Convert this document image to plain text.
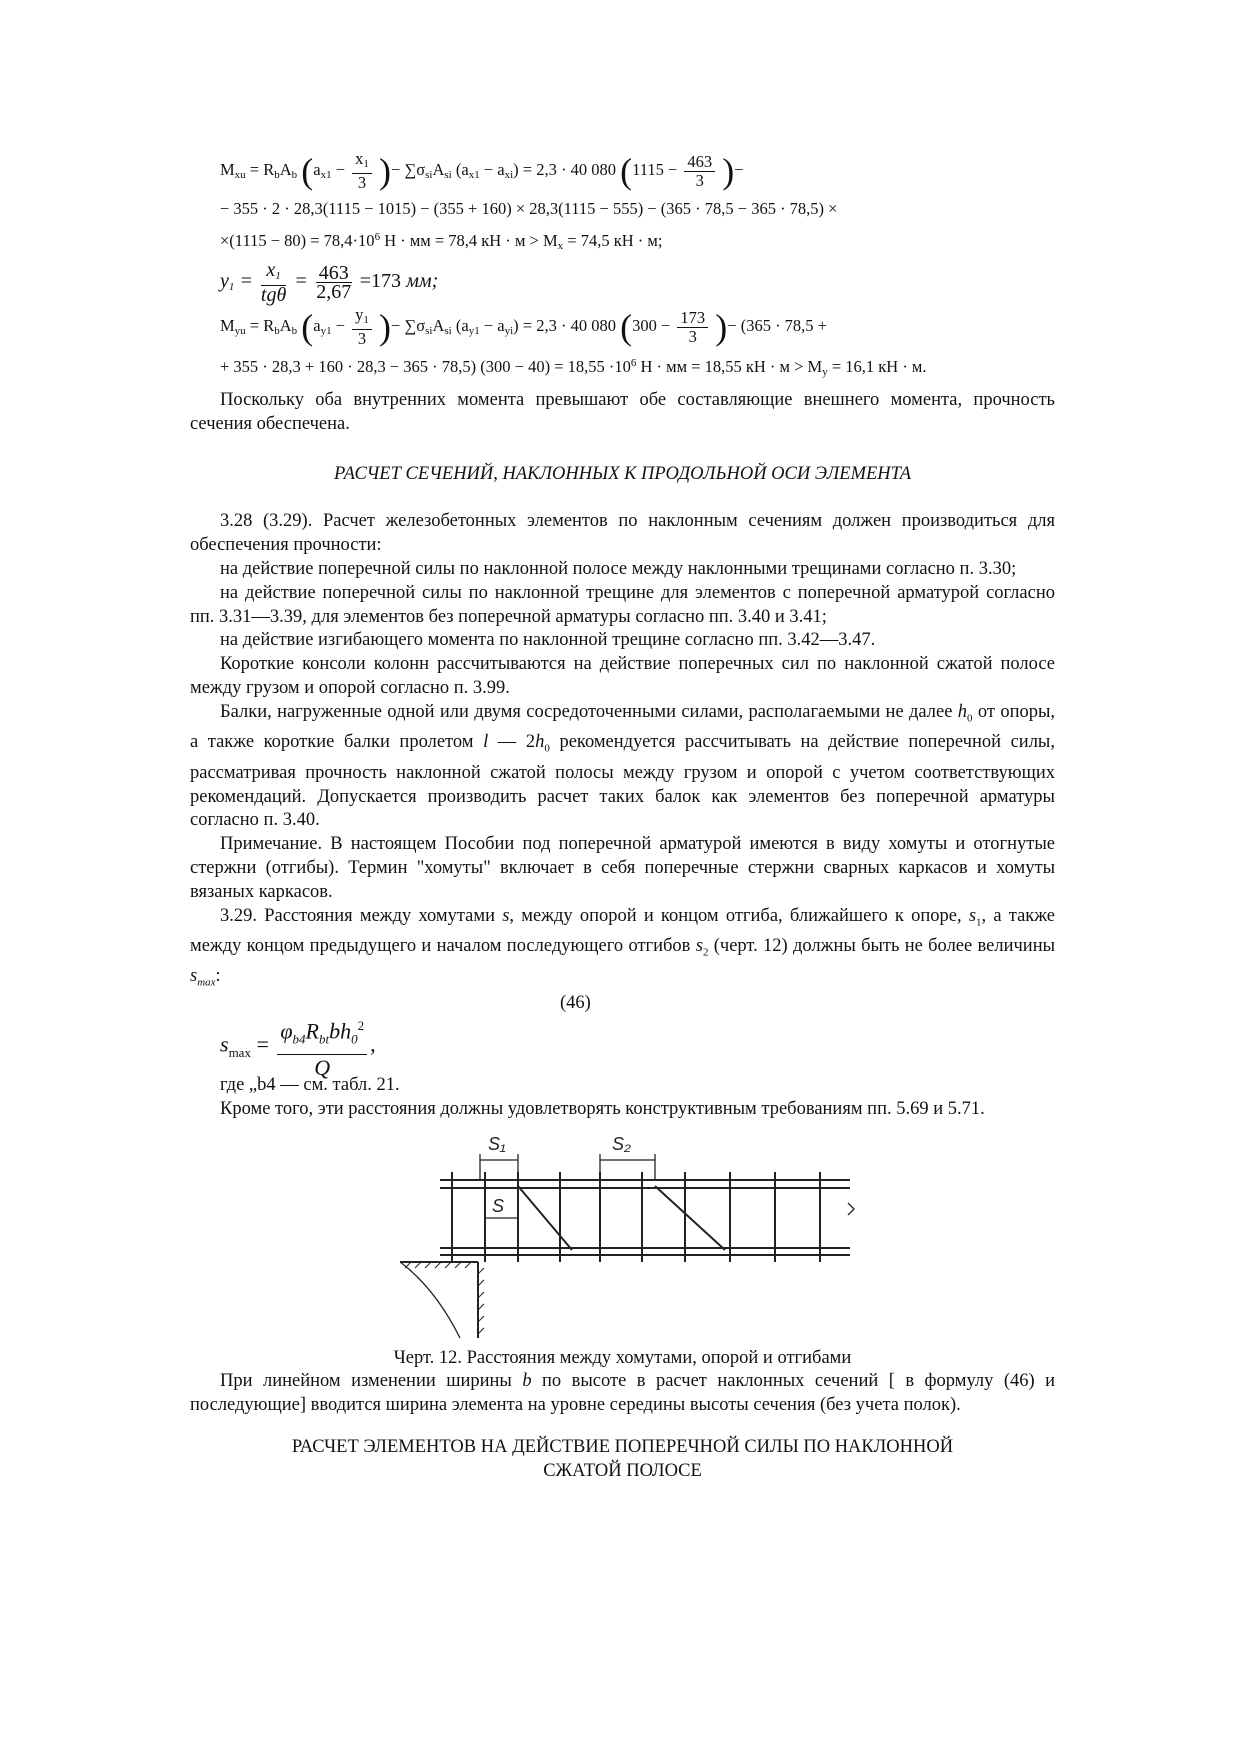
$M_{xu} = R_bA_b$ ($a_{x1} - \frac{x_1}{3}$ )− $\sum\sigma_{si}A_{si}$ $(a_{x1} - a_{xi}) = 2,3 \cdot 40$ 080 ($1115 - \frac{463}{3}$ )−
− 355 · 2 · 28,3(1115 − 1015) − (355 + 160) × 28,3(1115 − 555) − (365 · 78,5 − 365 · 78,5) ×
$\times(1115 - 80) = 78,4\cdot 10^6$ Н · мм = 78,4 кН · $м > M_x = 74,5$ кН · м;
$y_1 = \frac{x_1}{\text{tgθ}} = \frac{463}{2,67} =173$ мм;
$M_{yu} = R_bA_b$ ($a_{y1} - \frac{y_1}{3}$ )− $\sum\sigma_{si}A_{si}$ $(a_{y1} - a_{yi}) = 2,3 \cdot 40$ 080 ($300 - \frac{173}{3}$ )− (365 · 78,5 +
+ 355 · 28,3 + 160 · 28,3 − 365 · 78,5) $(300 - 40) = 18,55 \cdot 10^6$ Н · мм = 18,55 кН · $м > M_y = 16,1$ кН · м.

Поскольку оба внутренних момента превышают обе составляющие внешнего момента, прочность сечения обеспечена.

РАСЧЕТ СЕЧЕНИЙ, НАКЛОННЫХ К ПРОДОЛЬНОЙ ОСИ ЭЛЕМЕНТА

3.28 (3.29). Расчет железобетонных элементов по наклонным сечениям должен производиться для обеспечения прочности:

на действие поперечной силы по наклонной полосе между наклонными трещинами согласно п. 3.30;

на действие поперечной силы по наклонной трещине для элементов с поперечной арматурой согласно пп. 3.31—3.39, для элементов без поперечной арматуры согласно пп. 3.40 и 3.41;

на действие изгибающего момента по наклонной трещине согласно пп. 3.42—3.47.

Короткие консоли колонн рассчитываются на действие поперечных сил по наклонной сжатой полосе между грузом и опорой согласно п. 3.99.

Балки, нагруженные одной или двумя сосредоточенными силами, располагаемыми не далее $h_0$ от опоры, а также короткие балки пролетом l — $2h_0$ рекомендуется рассчитывать на действие поперечной силы, рассматривая прочность наклонной сжатой полосы между грузом и опорой с учетом соответствующих рекомендаций. Допускается производить расчет таких балок как элементов без поперечной арматуры согласно п. 3.40.

Примечание. В настоящем Пособии под поперечной арматурой имеются в виду хомуты и отогнутые стержни (отгибы). Термин "хомуты" включает в себя поперечные стержни сварных каркасов и хомуты вязаных каркасов.

3.29. Расстояния между хомутами s, между опорой и концом отгиба, ближайшего к опоре, $s_1$, а также между концом предыдущего и началом последующего отгибов $s_2$ (черт. 12) должны быть не более величины $s_{max}$:

(46)
$s_{max} = \frac{\varphi_{b4}R_{bt}bh_0^2}{Q}$ ,

где „b4 — см. табл. 21.

Кроме того, эти расстояния должны удовлетворять конструктивным требованиям пп. 5.69 и 5.71.

S₁	S₂
S

Черт. 12. Расстояния между хомутами, опорой и отгибами

При линейном изменении ширины b по высоте в расчет наклонных сечений [ в формулу (46) и последующие] вводится ширина элемента на уровне середины высоты сечения (без учета полок).

РАСЧЕТ ЭЛЕМЕНТОВ НА ДЕЙСТВИЕ ПОПЕРЕЧНОЙ СИЛЫ ПО НАКЛОННОЙ
СЖАТОЙ ПОЛОСЕ
